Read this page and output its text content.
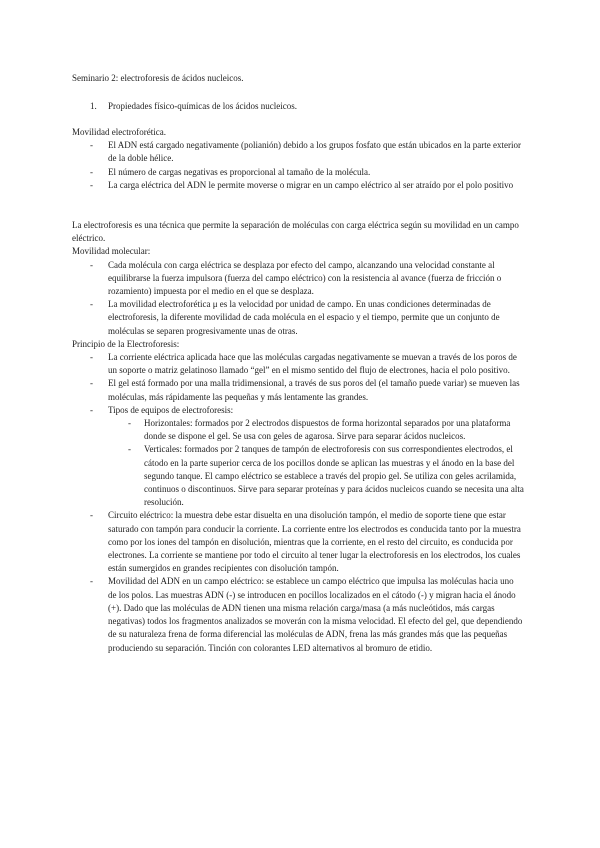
Seminario 2: electroforesis de ácidos nucleicos.
1. Propiedades físico-químicas de los ácidos nucleicos.

Movilidad electroforética.

- El ADN está cargado negativamente (polianión) debido a los grupos fosfato que están ubicados en la parte exterior de la doble hélice.
- El número de cargas negativas es proporcional al tamaño de la molécula.
- La carga eléctrica del ADN le permite moverse o migrar en un campo eléctrico al ser atraído por el polo positivo

La electroforesis es una técnica que permite la separación de moléculas con carga eléctrica según su movilidad en un campo eléctrico.

Movilidad molecular:

- Cada molécula con carga eléctrica se desplaza por efecto del campo, alcanzando una velocidad constante al equilibrarse la fuerza impulsora (fuerza del campo eléctrico) con la resistencia al avance (fuerza de fricción o rozamiento) impuesta por el medio en el que se desplaza.
- La movilidad electroforética μ es la velocidad por unidad de campo. En unas condiciones determinadas de electroforesis, la diferente movilidad de cada molécula en el espacio y el tiempo, permite que un conjunto de moléculas se separen progresivamente unas de otras.

Principio de la Electroforesis:

- La corriente eléctrica aplicada hace que las moléculas cargadas negativamente se muevan a través de los poros de un soporte o matriz gelatinoso llamado “gel” en el mismo sentido del flujo de electrones, hacia el polo positivo.
- El gel está formado por una malla tridimensional, a través de sus poros del (el tamaño puede variar) se mueven las moléculas, más rápidamente las pequeñas y más lentamente las grandes.
- Tipos de equipos de electroforesis:
- Horizontales: formados por 2 electrodos dispuestos de forma horizontal separados por una plataforma donde se dispone el gel. Se usa con geles de agarosa. Sirve para separar ácidos nucleicos.
- Verticales: formados por 2 tanques de tampón de electroforesis con sus correspondientes electrodos, el cátodo en la parte superior cerca de los pocillos donde se aplican las muestras y el ánodo en la base del segundo tanque. El campo eléctrico se establece a través del propio gel. Se utiliza con geles acrilamida, continuos o discontinuos. Sirve para separar proteínas y para ácidos nucleicos cuando se necesita una alta resolución.
- Circuito eléctrico: la muestra debe estar disuelta en una disolución tampón, el medio de soporte tiene que estar saturado con tampón para conducir la corriente. La corriente entre los electrodos es conducida tanto por la muestra como por los iones del tampón en disolución, mientras que la corriente, en el resto del circuito, es conducida por electrones. La corriente se mantiene por todo el circuito al tener lugar la electroforesis en los electrodos, los cuales están sumergidos en grandes recipientes con disolución tampón.
- Movilidad del ADN en un campo eléctrico: se establece un campo eléctrico que impulsa las moléculas hacia uno de los polos. Las muestras ADN (-) se introducen en pocillos localizados en el cátodo (-) y migran hacia el ánodo (+). Dado que las moléculas de ADN tienen una misma relación carga/masa (a más nucleótidos, más cargas negativas) todos los fragmentos analizados se moverán con la misma velocidad. El efecto del gel, que dependiendo de su naturaleza frena de forma diferencial las moléculas de ADN, frena las más grandes más que las pequeñas produciendo su separación. Tinción con colorantes LED alternativos al bromuro de etidio.
